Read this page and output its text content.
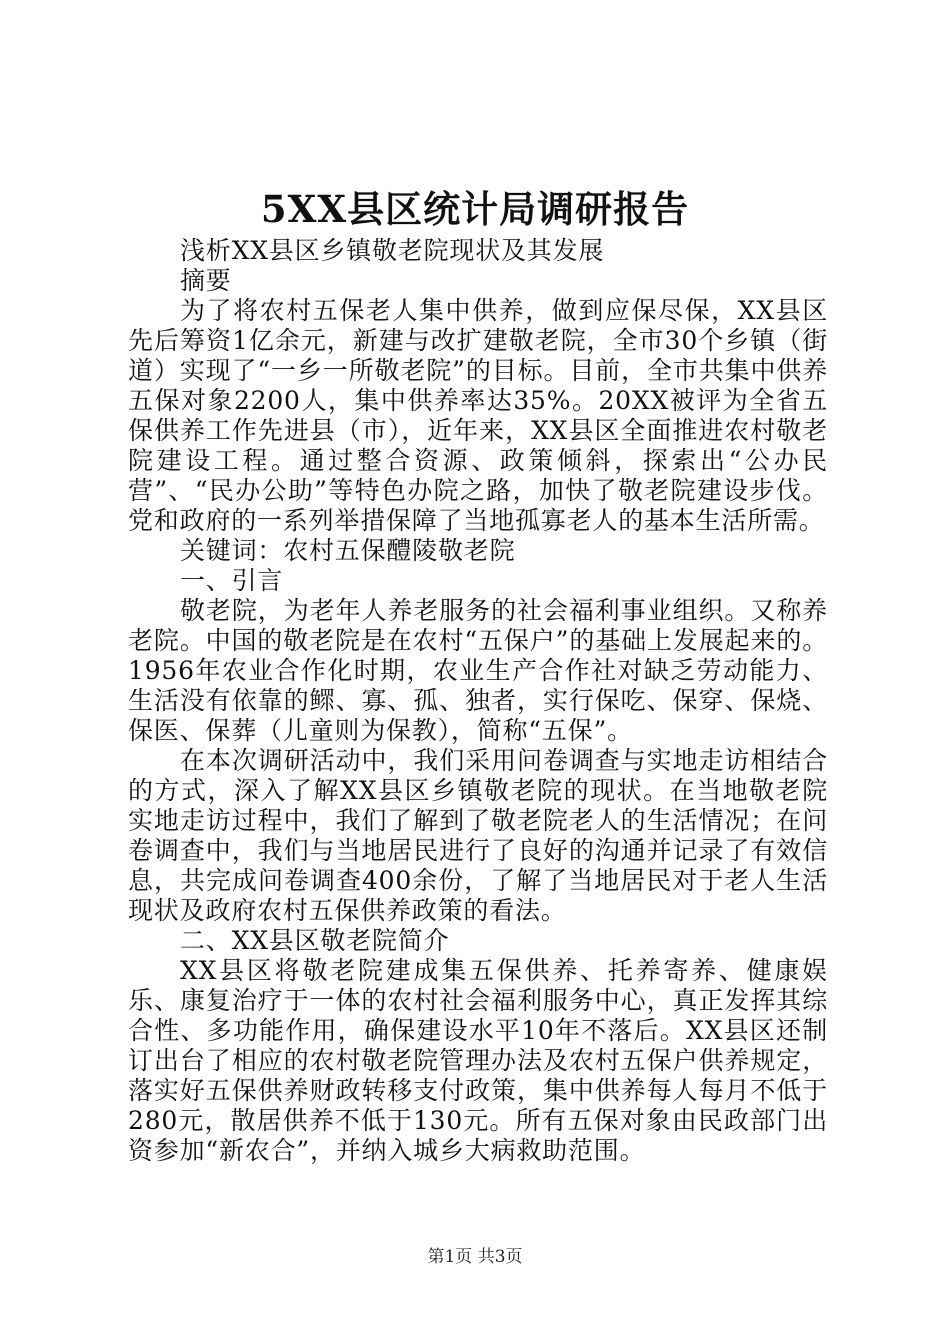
5XX县区统计局调研报告

浅析XX县区乡镇敬老院现状及其发展

摘要

为了将农村五保老人集中供养，做到应保尽保，XX县区先后筹资1亿余元，新建与改扩建敬老院，全市30个乡镇（街道）实现了“一乡一所敬老院”的目标。目前，全市共集中供养五保对象2200人，集中供养率达35%。20XX被评为全省五保供养工作先进县（市），近年来，XX县区全面推进农村敬老院建设工程。通过整合资源、政策倾斜，探索出“公办民营”、“民办公助”等特色办院之路，加快了敬老院建设步伐。党和政府的一系列举措保障了当地孤寡老人的基本生活所需。

关键词：农村五保醴陵敬老院

一、引言

敬老院，为老年人养老服务的社会福利事业组织。又称养老院。中国的敬老院是在农村“五保户”的基础上发展起来的。1956年农业合作化时期，农业生产合作社对缺乏劳动能力、生活没有依靠的鳏、寡、孤、独者，实行保吃、保穿、保烧、保医、保葬（儿童则为保教），简称“五保”。

在本次调研活动中，我们采用问卷调查与实地走访相结合的方式，深入了解XX县区乡镇敬老院的现状。在当地敬老院实地走访过程中，我们了解到了敬老院老人的生活情况；在问卷调查中，我们与当地居民进行了良好的沟通并记录了有效信息，共完成问卷调查400余份，了解了当地居民对于老人生活现状及政府农村五保供养政策的看法。

二、XX县区敬老院简介

XX县区将敬老院建成集五保供养、托养寄养、健康娱乐、康复治疗于一体的农村社会福利服务中心，真正发挥其综合性、多功能作用，确保建设水平10年不落后。XX县区还制订出台了相应的农村敬老院管理办法及农村五保户供养规定，落实好五保供养财政转移支付政策，集中供养每人每月不低于280元，散居供养不低于130元。所有五保对象由民政部门出资参加“新农合”，并纳入城乡大病救助范围。

第1页 共3页
